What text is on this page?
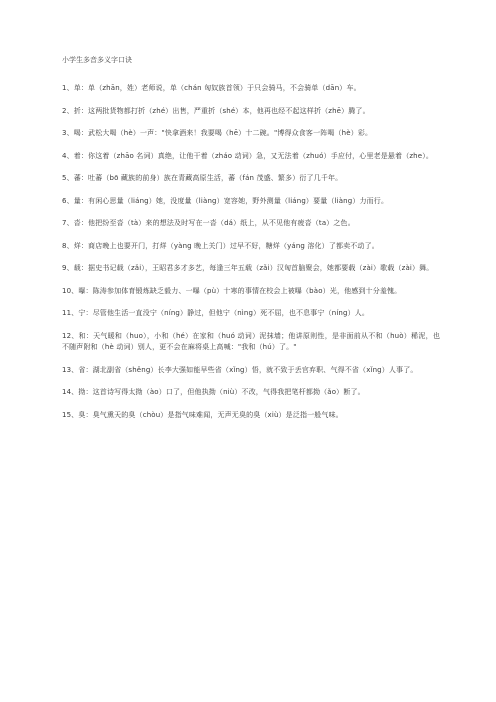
小学生多音多义字口诀

1、单：单（zhān，姓）老师说，单（chán 匈奴族首领）于只会骑马，不会骑单（dān）车。

2、折：这两批货物都打折（zhé）出售，严重折（shé）本，他再也经不起这样折（zhē）腾了。

3、喝：武松大喝（hè）一声："快拿酒来！我要喝（hē）十二碗。"博得众食客一阵喝（hè）彩。

4、着：你这着（zhāo 名词）真绝，让他干着（zháo 动词）急，又无法着（zhuó）手应付，心里老是悬着（zhe）。

5、蕃：吐蕃（bō 藏族的前身）族在青藏高原生活，蕃（fán 茂盛、繁多）衍了几千年。

6、量：有闲心思量（liáng）她，没度量（liàng）宽容她，野外测量（liáng）要量（liàng）力而行。

7、沓：他把纷至沓（tà）来的想法及时写在一沓（dá）纸上，从不见他有疲沓（ta）之色。

8、烊：商店晚上也要开门，打烊（yàng 晚上关门）过早不好，糖烊（yáng 溶化）了都卖不动了。

9、载：据史书记载（zǎi），王昭君多才多艺，每逢三年五载（zǎi）汉匈首脑聚会，她都要载（zài）歌载（zài）舞。

10、曝：陈涛参加体育锻炼缺乏毅力、一曝（pù）十寒的事情在校会上被曝（bào）光，他感到十分羞愧。

11、宁：尽管他生活一直没宁（níng）静过，但他宁（nìng）死不屈，也不息事宁（níng）人。

12、和：天气暖和（huo），小和（hé）在家和（huó 动词）泥抹墙；他讲原则性，是非面前从不和（huò）稀泥，也不随声附和（hè 动词）别人，更不会在麻将桌上高喊："我和（hú）了。"

13、省：湖北副省（shěng）长李大强如能早些省（xǐng）悟，就不致于丢官弃职、气得不省（xǐng）人事了。

14、拗：这首诗写得太拗（ào）口了，但他执拗（niù）不改，气得我把笔杆都拗（ǎo）断了。

15、臭：臭气熏天的臭（chòu）是指气味难闻，无声无臭的臭（xiù）是泛指一般气味。
